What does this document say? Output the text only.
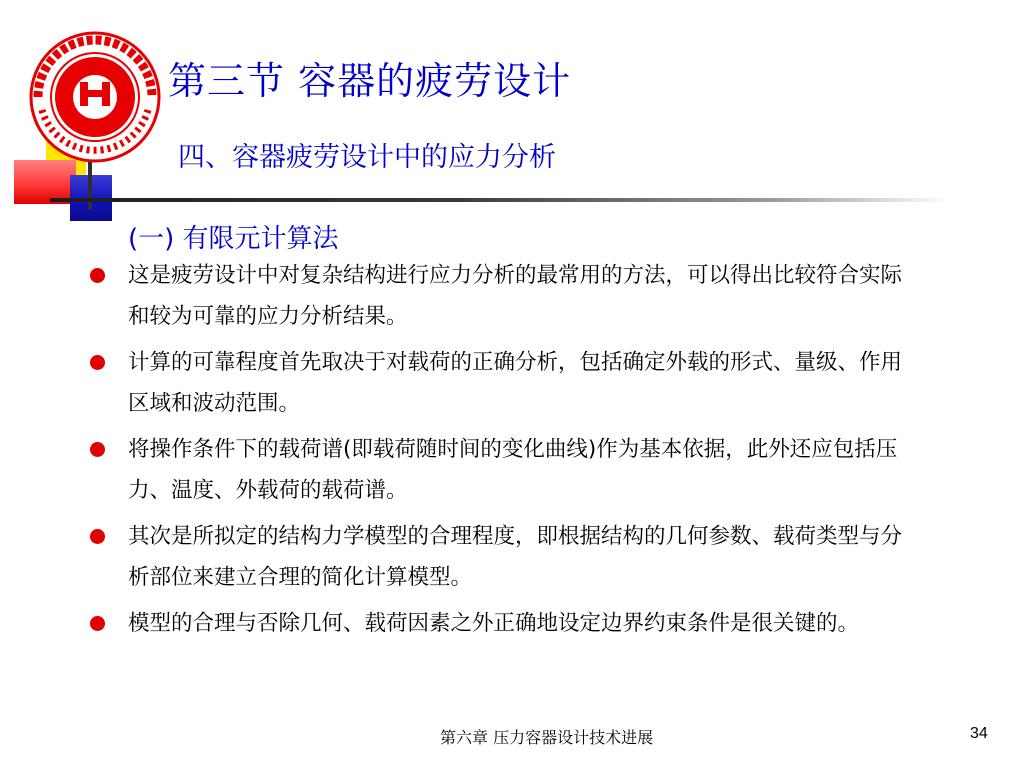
第三节 容器的疲劳设计
四、容器疲劳设计中的应力分析
(一) 有限元计算法
这是疲劳设计中对复杂结构进行应力分析的最常用的方法，可以得出比较符合实际和较为可靠的应力分析结果。
计算的可靠程度首先取决于对载荷的正确分析，包括确定外载的形式、量级、作用区域和波动范围。
将操作条件下的载荷谱(即载荷随时间的变化曲线)作为基本依据，此外还应包括压力、温度、外载荷的载荷谱。
其次是所拟定的结构力学模型的合理程度，即根据结构的几何参数、载荷类型与分析部位来建立合理的简化计算模型。
模型的合理与否除几何、载荷因素之外正确地设定边界约束条件是很关键的。
第六章 压力容器设计技术进展	34
